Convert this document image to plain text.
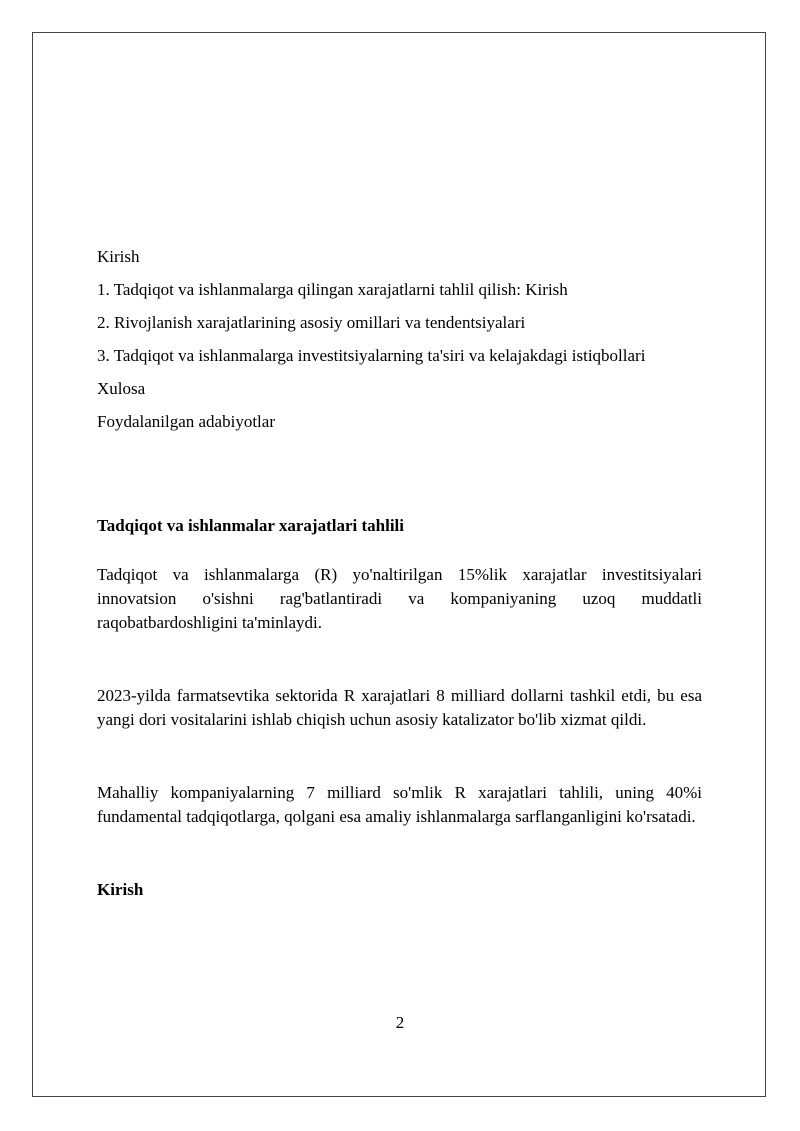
Kirish

1. Tadqiqot va ishlanmalarga qilingan xarajatlarni tahlil qilish: Kirish

2. Rivojlanish xarajatlarining asosiy omillari va tendentsiyalari

3. Tadqiqot va ishlanmalarga investitsiyalarning ta'siri va kelajakdagi istiqbollari

Xulosa

Foydalanilgan adabiyotlar

Tadqiqot va ishlanmalar xarajatlari tahlili

Tadqiqot va ishlanmalarga (R) yo'naltirilgan 15%lik xarajatlar investitsiyalari innovatsion o'sishni rag'batlantiradi va kompaniyaning uzoq muddatli raqobatbardoshligini ta'minlaydi.

2023-yilda farmatsevtika sektorida R xarajatlari 8 milliard dollarni tashkil etdi, bu esa yangi dori vositalarini ishlab chiqish uchun asosiy katalizator bo'lib xizmat qildi.

Mahalliy kompaniyalarning 7 milliard so'mlik R xarajatlari tahlili, uning 40%i fundamental tadqiqotlarga, qolgani esa amaliy ishlanmalarga sarflanganligini ko'rsatadi.

Kirish
2
